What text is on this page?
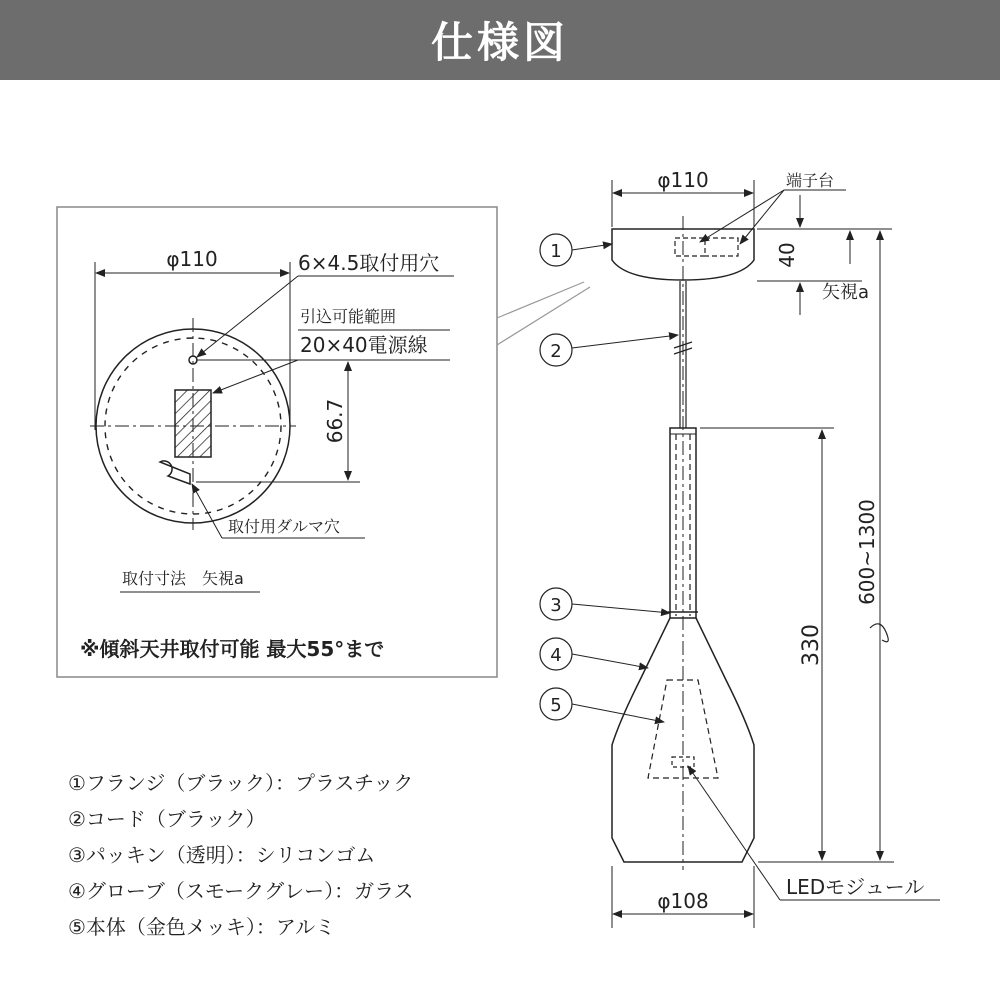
仕様図
φ110
66.7
6×4.5取付用穴
引込可能範囲
20×40電源線
取付用ダルマ穴
取付寸法　矢視a
※傾斜天井取付可能 最大55°まで
φ110	端子台
40
矢視a
330
600~1300
φ108
LEDモジュール
1
2
3
4
5
①フランジ（ブラック）：プラスチック
②コード（ブラック）
③パッキン（透明）：シリコンゴム
④グローブ（スモークグレー）：ガラス
⑤本体（金色メッキ）：アルミ
